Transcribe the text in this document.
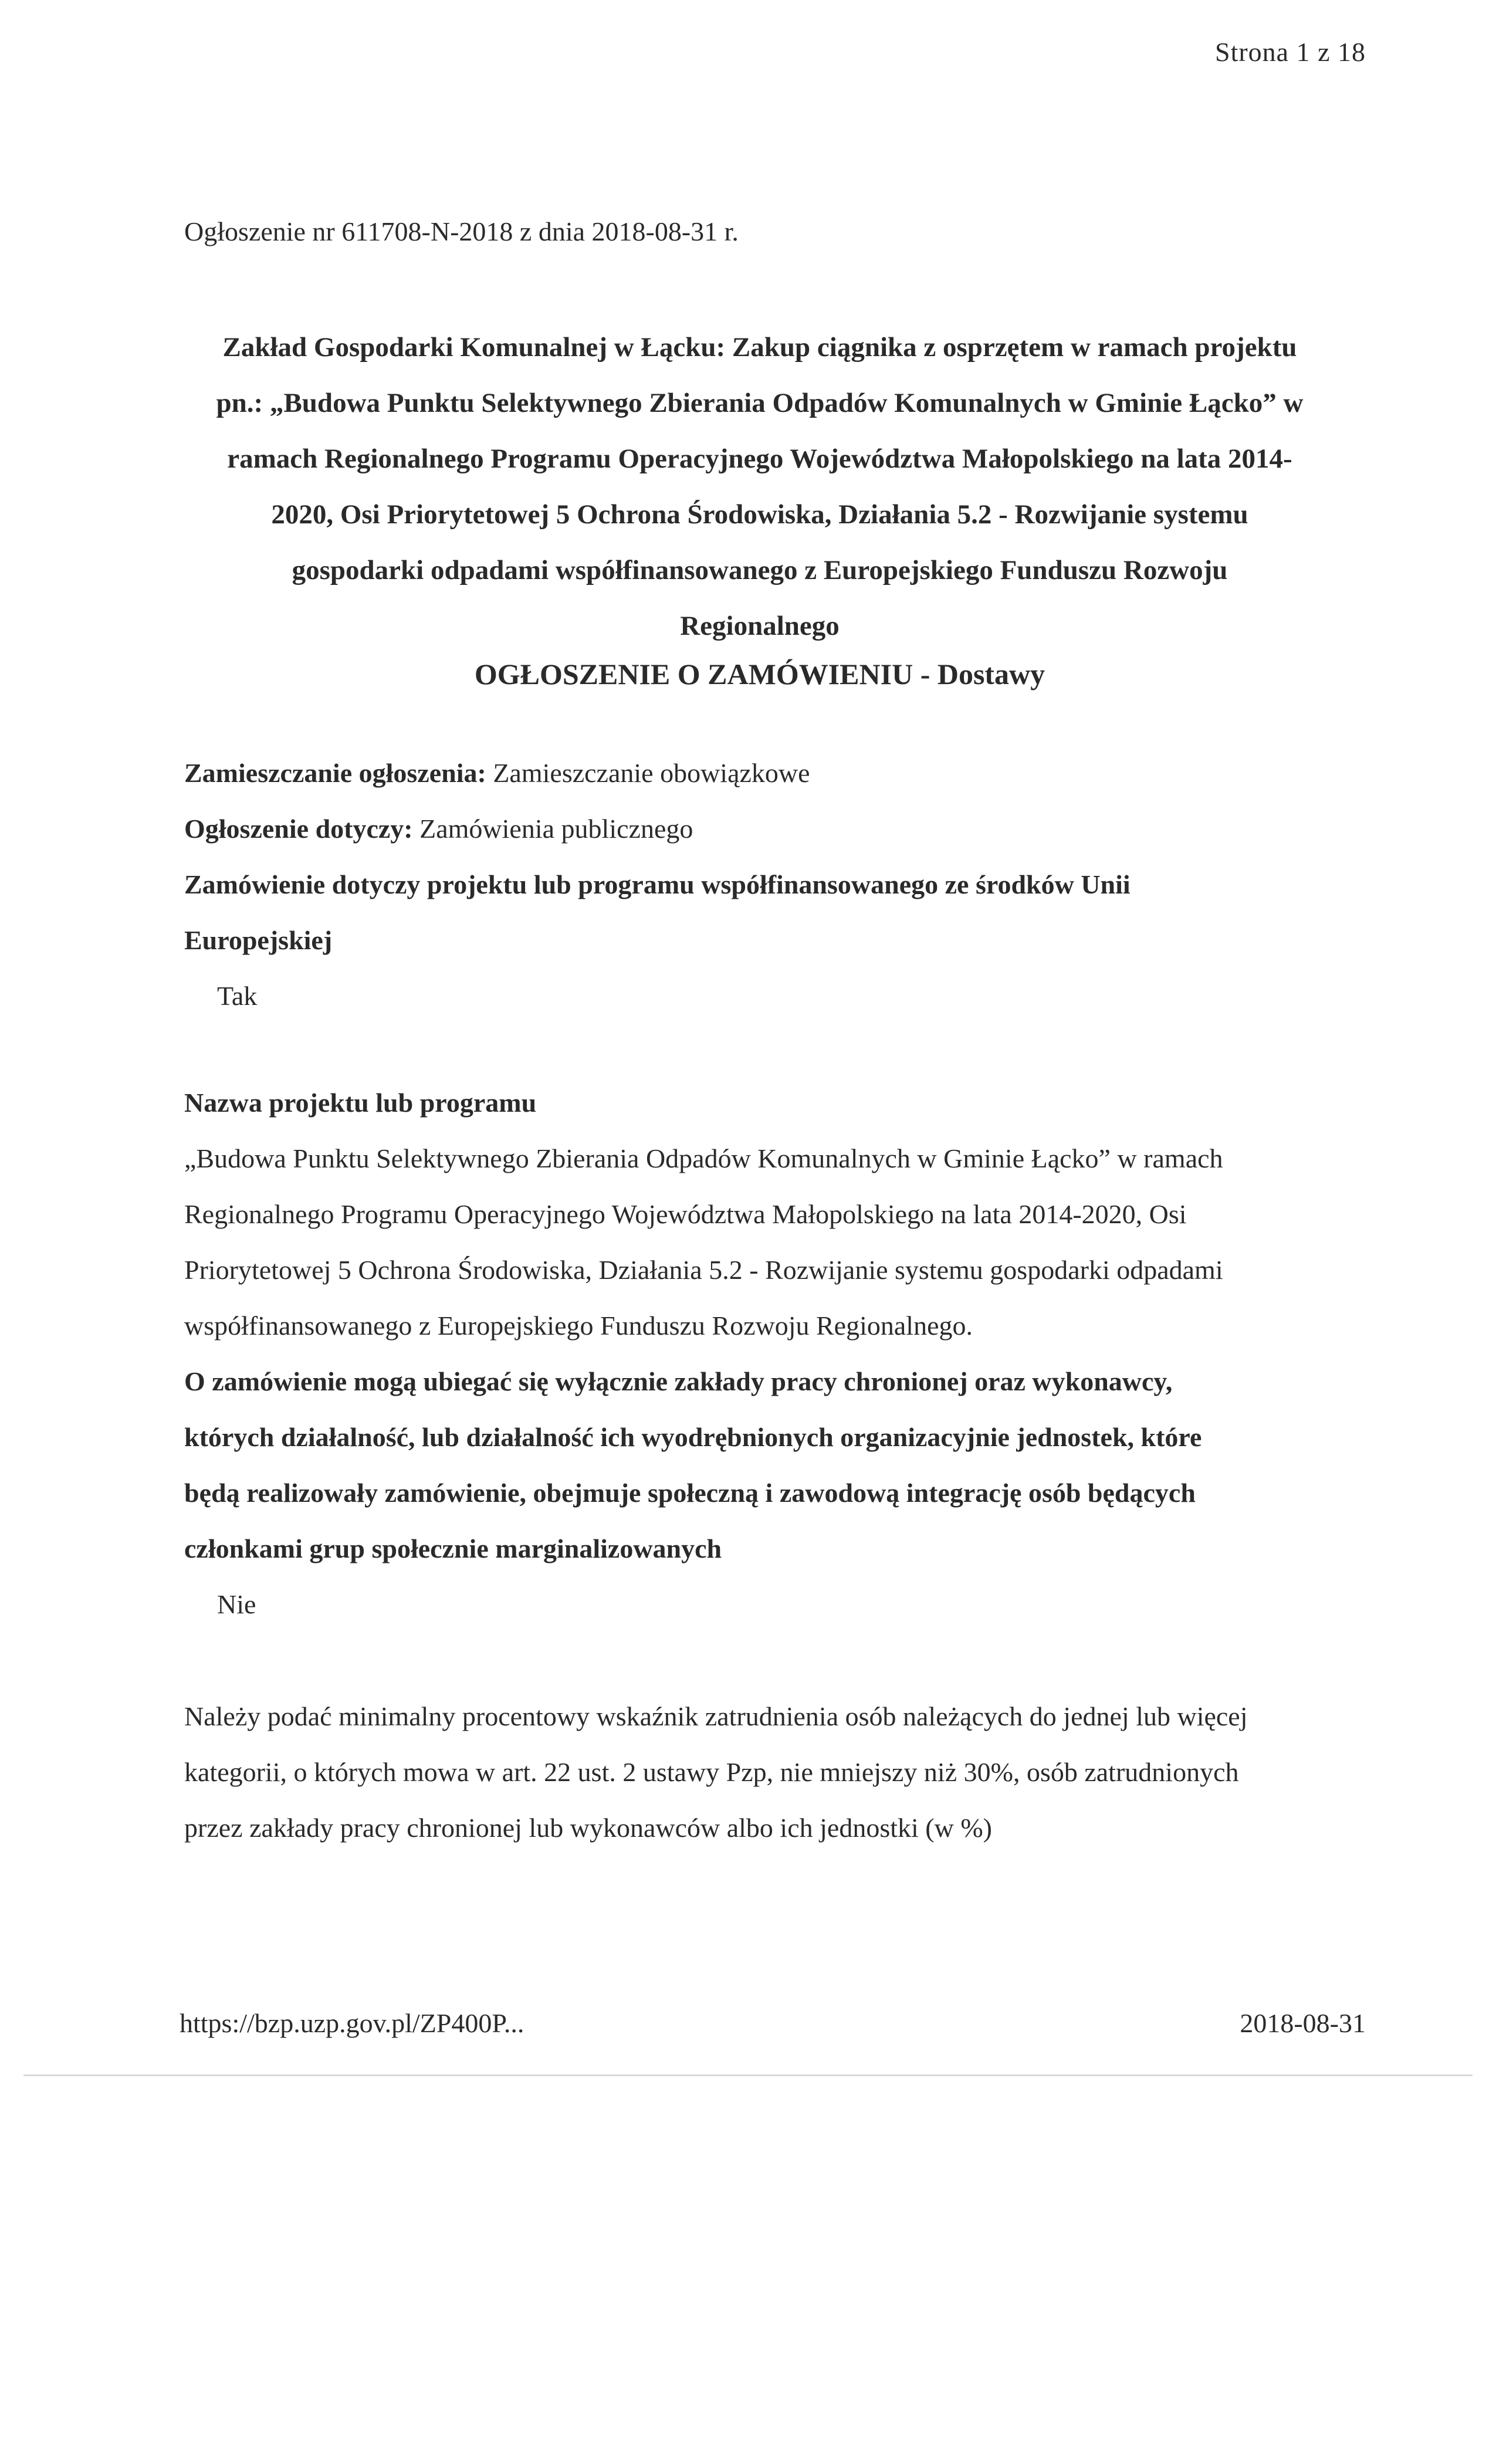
Strona 1 z 18
Ogłoszenie nr 611708-N-2018 z dnia 2018-08-31 r.
Zakład Gospodarki Komunalnej w Łącku: Zakup ciągnika z osprzętem w ramach projektu
pn.: „Budowa Punktu Selektywnego Zbierania Odpadów Komunalnych w Gminie Łącko” w
ramach Regionalnego Programu Operacyjnego Województwa Małopolskiego na lata 2014-
2020, Osi Priorytetowej 5 Ochrona Środowiska, Działania 5.2 - Rozwijanie systemu
gospodarki odpadami współfinansowanego z Europejskiego Funduszu Rozwoju
Regionalnego
OGŁOSZENIE O ZAMÓWIENIU - Dostawy
Zamieszczanie ogłoszenia: Zamieszczanie obowiązkowe
Ogłoszenie dotyczy: Zamówienia publicznego
Zamówienie dotyczy projektu lub programu współfinansowanego ze środków Unii
Europejskiej
Tak
Nazwa projektu lub programu
„Budowa Punktu Selektywnego Zbierania Odpadów Komunalnych w Gminie Łącko” w ramach
Regionalnego Programu Operacyjnego Województwa Małopolskiego na lata 2014-2020, Osi
Priorytetowej 5 Ochrona Środowiska, Działania 5.2 - Rozwijanie systemu gospodarki odpadami
współfinansowanego z Europejskiego Funduszu Rozwoju Regionalnego.
O zamówienie mogą ubiegać się wyłącznie zakłady pracy chronionej oraz wykonawcy,
których działalność, lub działalność ich wyodrębnionych organizacyjnie jednostek, które
będą realizowały zamówienie, obejmuje społeczną i zawodową integrację osób będących
członkami grup społecznie marginalizowanych
Nie
Należy podać minimalny procentowy wskaźnik zatrudnienia osób należących do jednej lub więcej
kategorii, o których mowa w art. 22 ust. 2 ustawy Pzp, nie mniejszy niż 30%, osób zatrudnionych
przez zakłady pracy chronionej lub wykonawców albo ich jednostki (w %)
https://bzp.uzp.gov.pl/ZP400P...	2018-08-31
